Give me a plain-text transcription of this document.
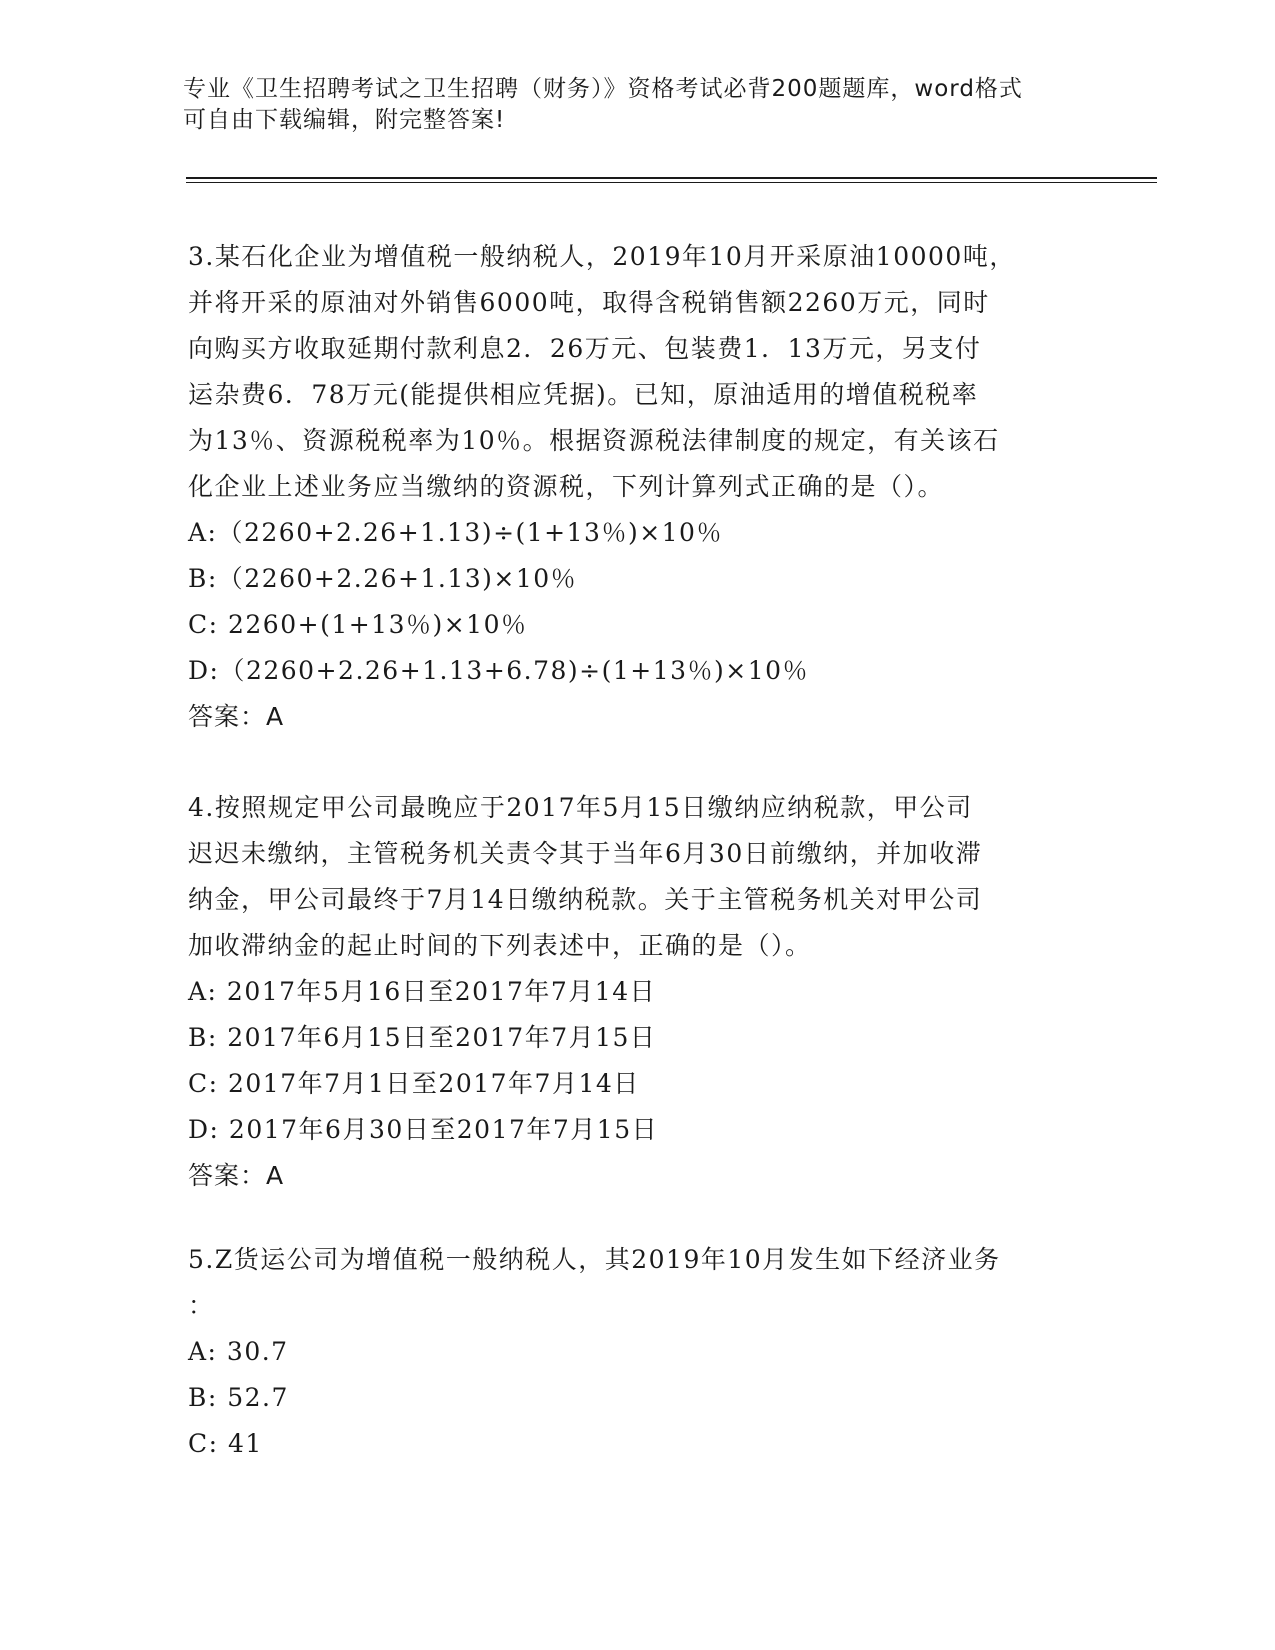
专业《卫生招聘考试之卫生招聘（财务）》资格考试必背200题题库，word格式
可自由下载编辑，附完整答案!
3.某石化企业为增值税一般纳税人，2019年10月开采原油10000吨，
并将开采的原油对外销售6000吨，取得含税销售额2260万元，同时
向购买方收取延期付款利息2．26万元、包装费1．13万元，另支付
运杂费6．78万元(能提供相应凭据)。已知，原油适用的增值税税率
为13％、资源税税率为10％。根据资源税法律制度的规定，有关该石
化企业上述业务应当缴纳的资源税，下列计算列式正确的是（）。
A:（2260+2.26+1.13)÷(1+13％)×10％
B:（2260+2.26+1.13)×10％
C: 2260+(1+13％)×10％
D:（2260+2.26+1.13+6.78)÷(1+13％)×10％
答案：A
4.按照规定甲公司最晚应于2017年5月15日缴纳应纳税款，甲公司
迟迟未缴纳，主管税务机关责令其于当年6月30日前缴纳，并加收滞
纳金，甲公司最终于7月14日缴纳税款。关于主管税务机关对甲公司
加收滞纳金的起止时间的下列表述中，正确的是（）。
A: 2017年5月16日至2017年7月14日
B: 2017年6月15日至2017年7月15日
C: 2017年7月1日至2017年7月14日
D: 2017年6月30日至2017年7月15日
答案：A
5.Z货运公司为增值税一般纳税人，其2019年10月发生如下经济业务
：
A: 30.7
B: 52.7
C: 41
